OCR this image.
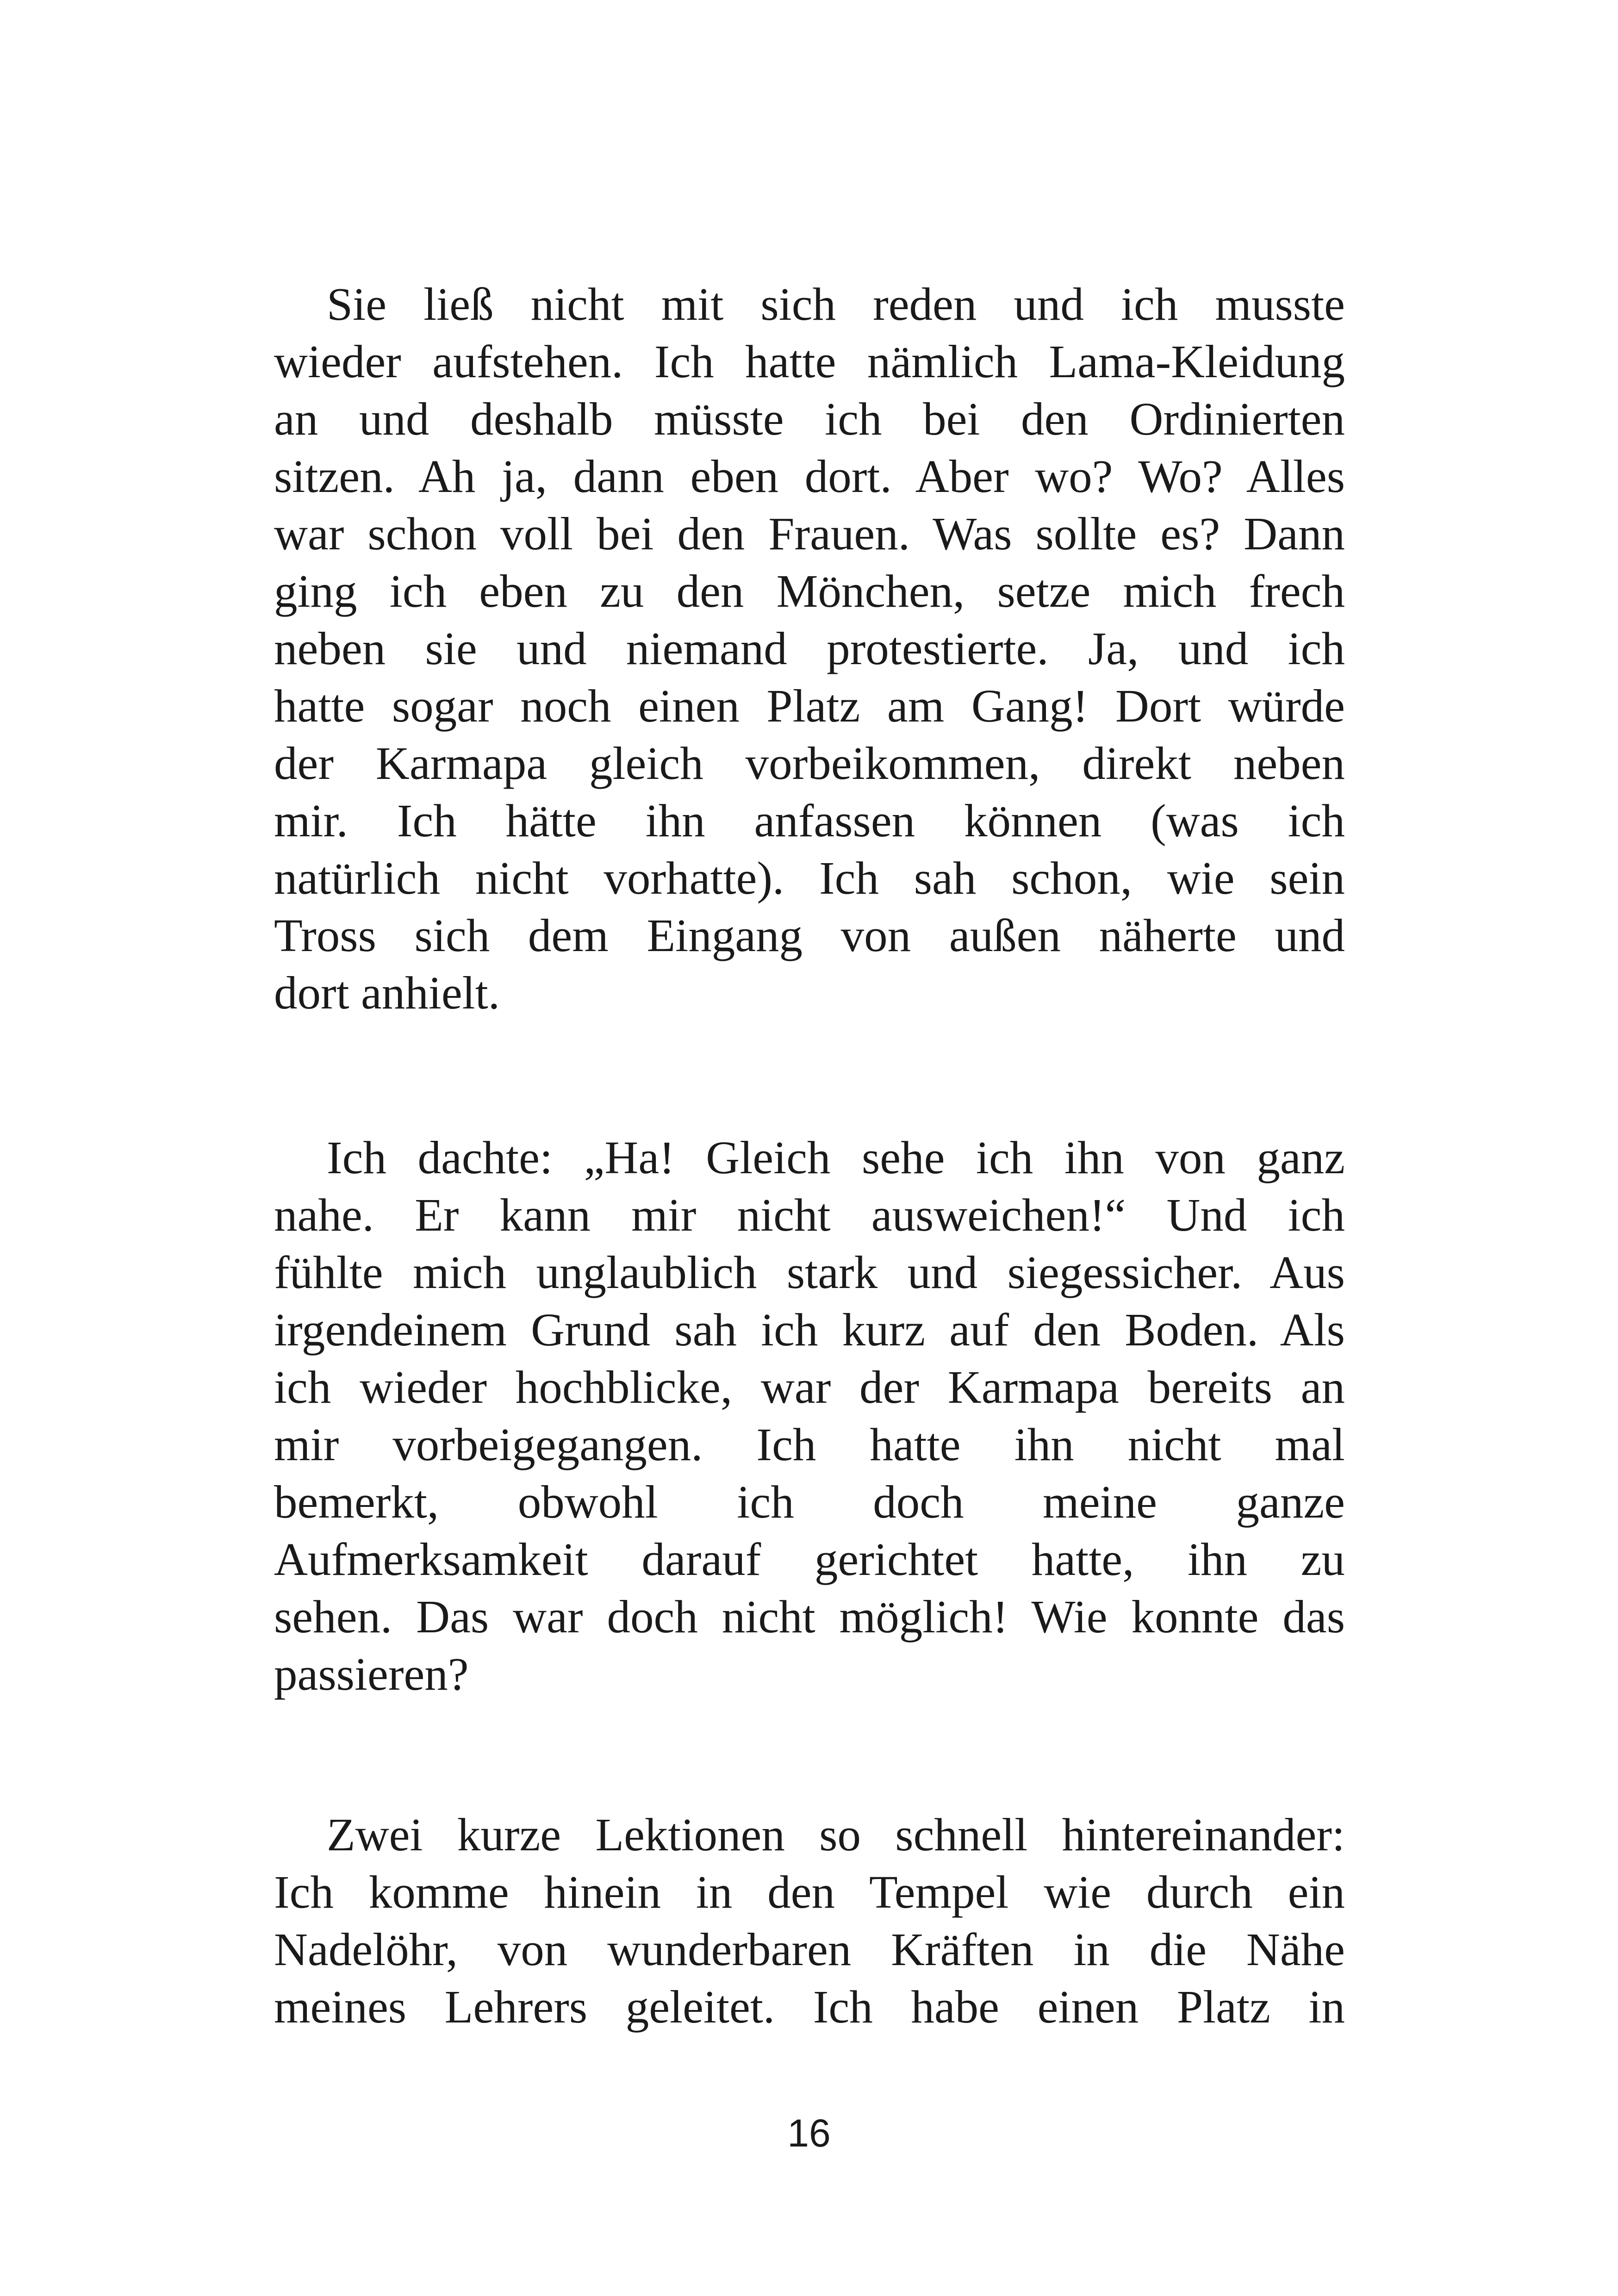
Sie ließ nicht mit sich reden und ich musste
wieder aufstehen. Ich hatte nämlich Lama-Kleidung
an und deshalb müsste ich bei den Ordinierten
sitzen. Ah ja, dann eben dort. Aber wo? Wo? Alles
war schon voll bei den Frauen. Was sollte es? Dann
ging ich eben zu den Mönchen, setze mich frech
neben sie und niemand protestierte. Ja, und ich
hatte sogar noch einen Platz am Gang! Dort würde
der Karmapa gleich vorbeikommen, direkt neben
mir. Ich hätte ihn anfassen können (was ich
natürlich nicht vorhatte). Ich sah schon, wie sein
Tross sich dem Eingang von außen näherte und
dort anhielt.
Ich dachte: „Ha! Gleich sehe ich ihn von ganz
nahe. Er kann mir nicht ausweichen!“ Und ich
fühlte mich unglaublich stark und siegessicher. Aus
irgendeinem Grund sah ich kurz auf den Boden. Als
ich wieder hochblicke, war der Karmapa bereits an
mir vorbeigegangen. Ich hatte ihn nicht mal
bemerkt, obwohl ich doch meine ganze
Aufmerksamkeit darauf gerichtet hatte, ihn zu
sehen. Das war doch nicht möglich! Wie konnte das
passieren?
Zwei kurze Lektionen so schnell hintereinander:
Ich komme hinein in den Tempel wie durch ein
Nadelöhr, von wunderbaren Kräften in die Nähe
meines Lehrers geleitet. Ich habe einen Platz in
16
